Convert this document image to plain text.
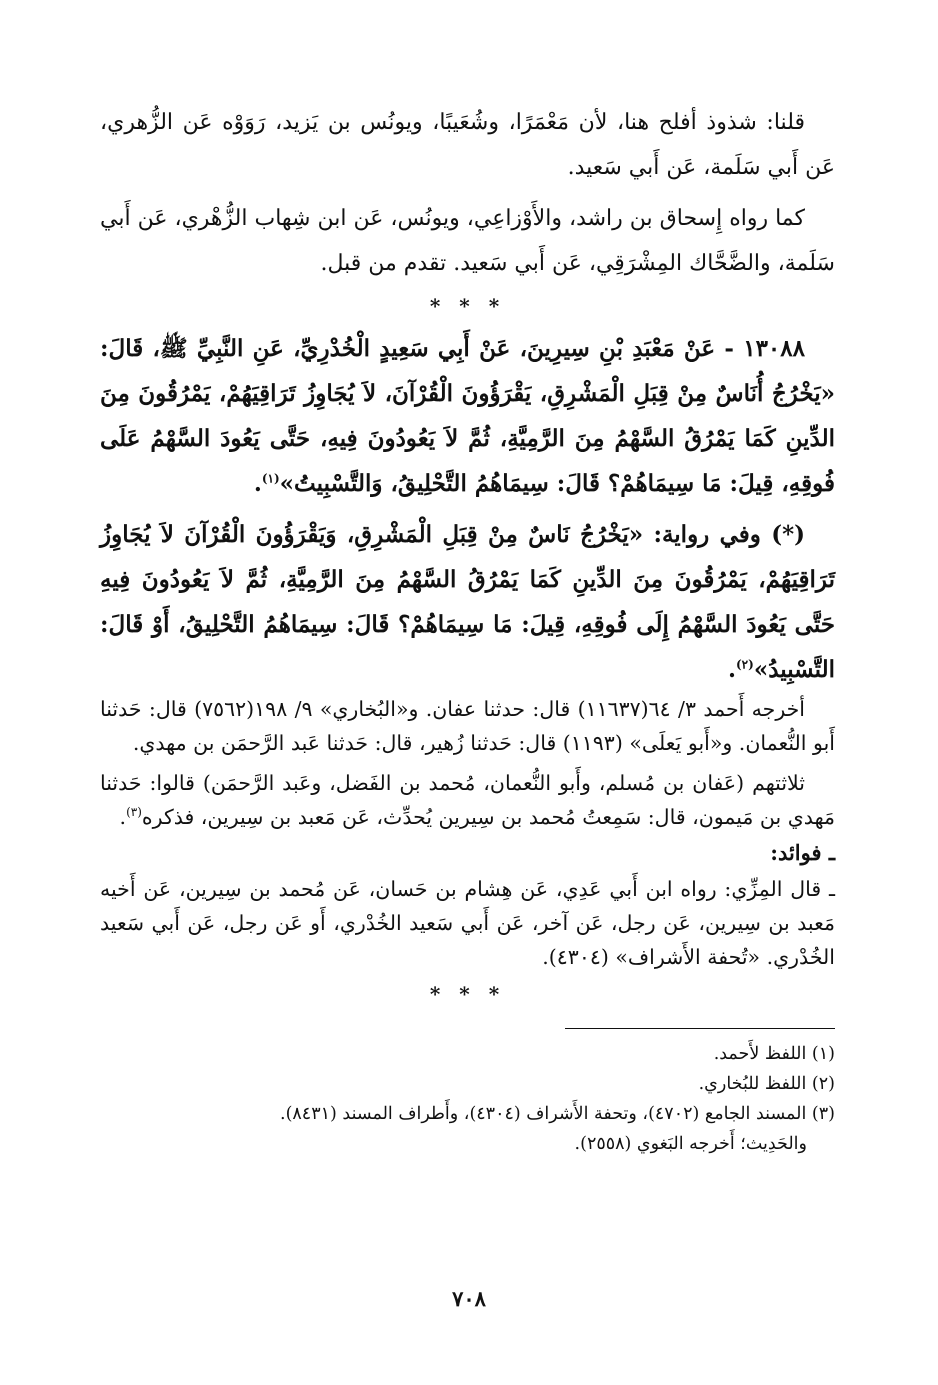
قلنا: شذوذ أفلح هنا، لأن مَعْمَرًا، وشُعَيبًا، ويونُس بن يَزيد، رَوَوْه عَن الزُّهري، عَن أَبي سَلَمة، عَن أَبي سَعيد.

كما رواه إِسحاق بن راشد، والأَوْزاعِي، ويونُس، عَن ابن شِهاب الزُّهْري، عَن أَبي سَلَمة، والضَّحَّاك المِشْرَقِي، عَن أَبي سَعيد. تقدم من قبل.

* * *

١٣٠٨٨ - عَنْ مَعْبَدِ بْنِ سِيرِينَ، عَنْ أَبِي سَعِيدٍ الْخُدْرِيِّ، عَنِ النَّبِيِّ ﷺ، قَالَ: «يَخْرُجُ أُنَاسٌ مِنْ قِبَلِ الْمَشْرِقِ، يَقْرَؤُونَ الْقُرْآنَ، لاَ يُجَاوِزُ تَرَاقِيَهُمْ، يَمْرُقُونَ مِنَ الدِّينِ كَمَا يَمْرُقُ السَّهْمُ مِنَ الرَّمِيَّةِ، ثُمَّ لاَ يَعُودُونَ فِيهِ، حَتَّى يَعُودَ السَّهْمُ عَلَى فُوقِهِ، قِيلَ: مَا سِيمَاهُمْ؟ قَالَ: سِيمَاهُمُ التَّحْلِيقُ، وَالتَّسْبِيتُ»$^{(١)}$.

(*) وفي رواية: «يَخْرُجُ نَاسٌ مِنْ قِبَلِ الْمَشْرِقِ، وَيَقْرَؤُونَ الْقُرْآنَ لاَ يُجَاوِزُ تَرَاقِيَهُمْ، يَمْرُقُونَ مِنَ الدِّينِ كَمَا يَمْرُقُ السَّهْمُ مِنَ الرَّمِيَّةِ، ثُمَّ لاَ يَعُودُونَ فِيهِ حَتَّى يَعُودَ السَّهْمُ إِلَى فُوقِهِ، قِيلَ: مَا سِيمَاهُمْ؟ قَالَ: سِيمَاهُمُ التَّحْلِيقُ، أَوْ قَالَ: التَّسْبِيدُ»$^{(٢)}$.

أخرجه أَحمد ٣/ ٦٤(١١٦٣٧) قال: حدثنا عفان. و«البُخاري» ٩/ ١٩٨(٧٥٦٢) قال: حَدثنا أَبو النُّعمان. و«أَبو يَعلَى» (١١٩٣) قال: حَدثنا زُهير، قال: حَدثنا عَبد الرَّحمَن بن مهدي.

ثلاثتهم (عَفان بن مُسلم، وأَبو النُّعمان، مُحمد بن الفَضل، وعَبد الرَّحمَن) قالوا: حَدثنا مَهدي بن مَيمون، قال: سَمِعتُ مُحمد بن سِيرين يُحدِّث، عَن مَعبد بن سِيرين، فذكره$^{(٣)}$.

ـ فوائد:

ـ قال المِزِّي: رواه ابن أَبي عَدِي، عَن هِشام بن حَسان، عَن مُحمد بن سِيرين، عَن أَخيه مَعبد بن سِيرين، عَن رجل، عَن آخر، عَن أَبي سَعيد الخُدْري، أَو عَن رجل، عَن أَبي سَعيد الخُدْري. «تُحفة الأَشراف» (٤٣٠٤).

* * *

(١) اللفظ لأَحمد.

(٢) اللفظ للبُخاري.

(٣) المسند الجامع (٤٧٠٢)، وتحفة الأَشراف (٤٣٠٤)، وأَطراف المسند (٨٤٣١).

والحَدِيث؛ أَخرجه البَغوي (٢٥٥٨).

٧٠٨
